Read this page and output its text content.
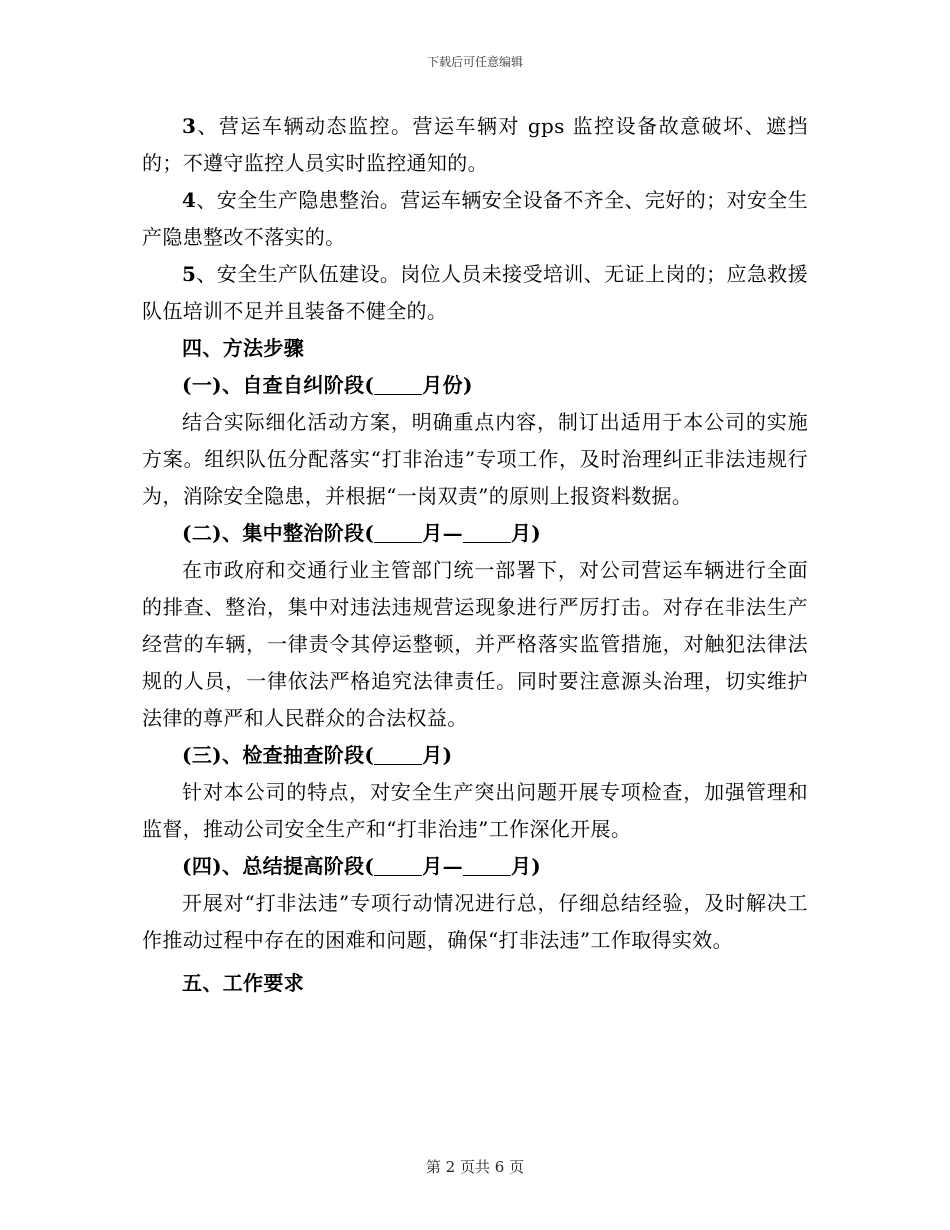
下载后可任意编辑

3、营运车辆动态监控。营运车辆对 gps 监控设备故意破坏、遮挡的；不遵守监控人员实时监控通知的。

4、安全生产隐患整治。营运车辆安全设备不齐全、完好的；对安全生产隐患整改不落实的。

5、安全生产队伍建设。岗位人员未接受培训、无证上岗的；应急救援队伍培训不足并且装备不健全的。

四、方法步骤

(一)、自查自纠阶段( 月份)

结合实际细化活动方案，明确重点内容，制订出适用于本公司的实施方案。组织队伍分配落实“打非治违”专项工作，及时治理纠正非法违规行为，消除安全隐患，并根据“一岗双责”的原则上报资料数据。

(二)、集中整治阶段( 月— 月)

在市政府和交通行业主管部门统一部署下，对公司营运车辆进行全面的排查、整治，集中对违法违规营运现象进行严厉打击。对存在非法生产经营的车辆，一律责令其停运整顿，并严格落实监管措施，对触犯法律法规的人员，一律依法严格追究法律责任。同时要注意源头治理，切实维护法律的尊严和人民群众的合法权益。

(三)、检查抽查阶段( 月)

针对本公司的特点，对安全生产突出问题开展专项检查，加强管理和监督，推动公司安全生产和“打非治违”工作深化开展。

(四)、总结提高阶段( 月— 月)

开展对“打非法违”专项行动情况进行总，仔细总结经验，及时解决工作推动过程中存在的困难和问题，确保“打非法违”工作取得实效。

五、工作要求

第 2 页共 6 页
